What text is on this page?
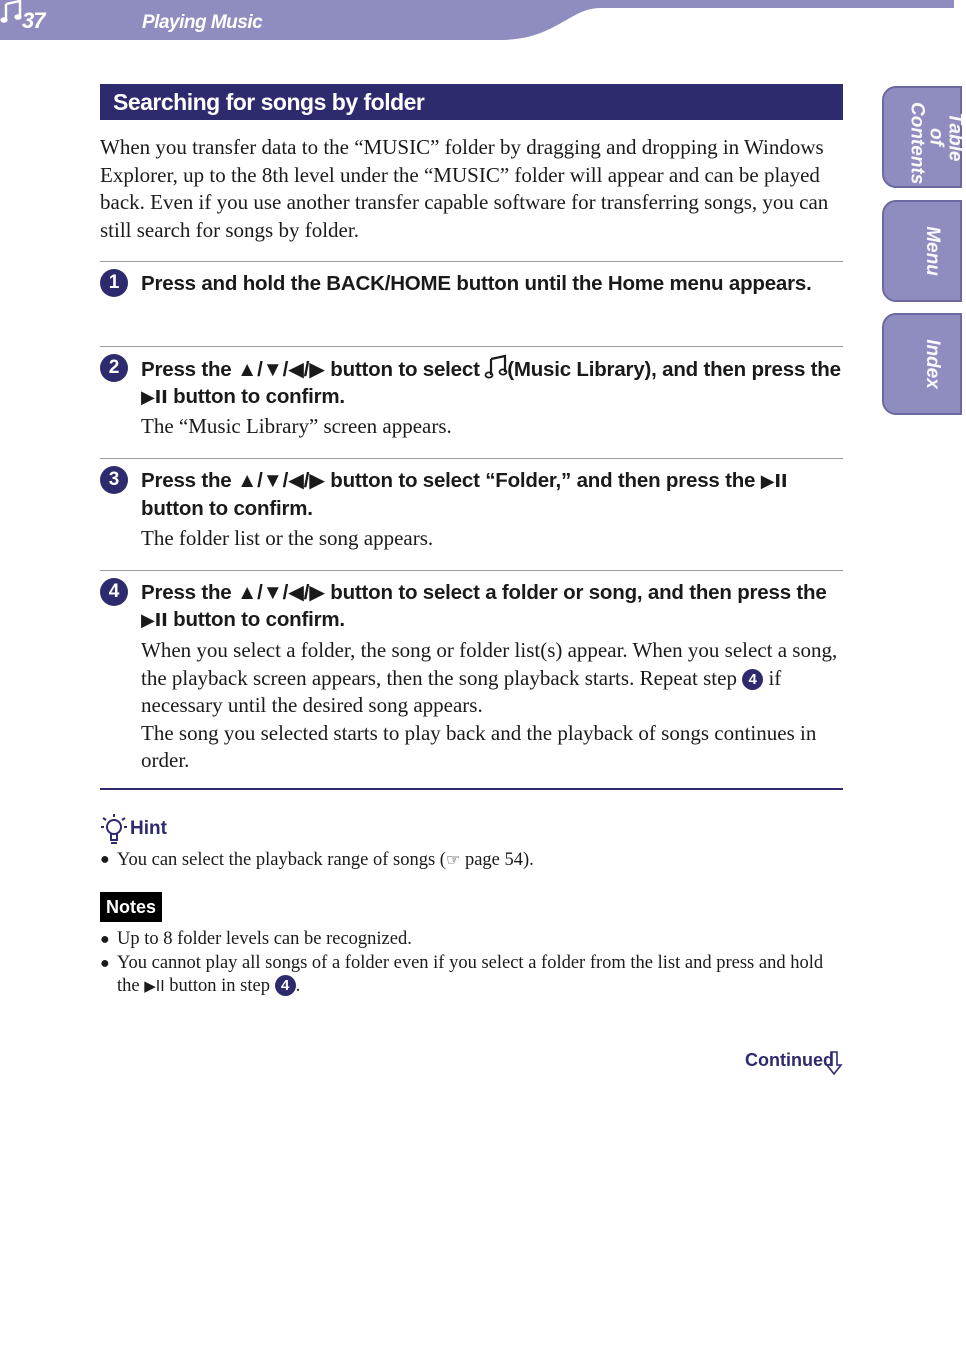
37	Playing Music
Table of Contents
Menu
Index
Searching for songs by folder
When you transfer data to the “MUSIC” folder by dragging and dropping in Windows Explorer, up to the 8th level under the “MUSIC” folder will appear and can be played back. Even if you use another transfer capable software for transferring songs, you can still search for songs by folder.
1	Press and hold the BACK/HOME button until the Home menu appears.
2	Press the ▲/▼/◀/▶ button to select (Music Library), and then press the ▶II button to confirm.
The “Music Library” screen appears.
3	Press the ▲/▼/◀/▶ button to select “Folder,” and then press the ▶II button to confirm.
The folder list or the song appears.
4	Press the ▲/▼/◀/▶ button to select a folder or song, and then press the ▶II button to confirm.
When you select a folder, the song or folder list(s) appear. When you select a song, the playback screen appears, then the song playback starts. Repeat step 4 if necessary until the desired song appears.
The song you selected starts to play back and the playback of songs continues in order.
Hint
● You can select the playback range of songs (☞ page 54).
Notes
● Up to 8 folder levels can be recognized.
● You cannot play all songs of a folder even if you select a folder from the list and press and hold the ▶II button in step 4 .
Continued
